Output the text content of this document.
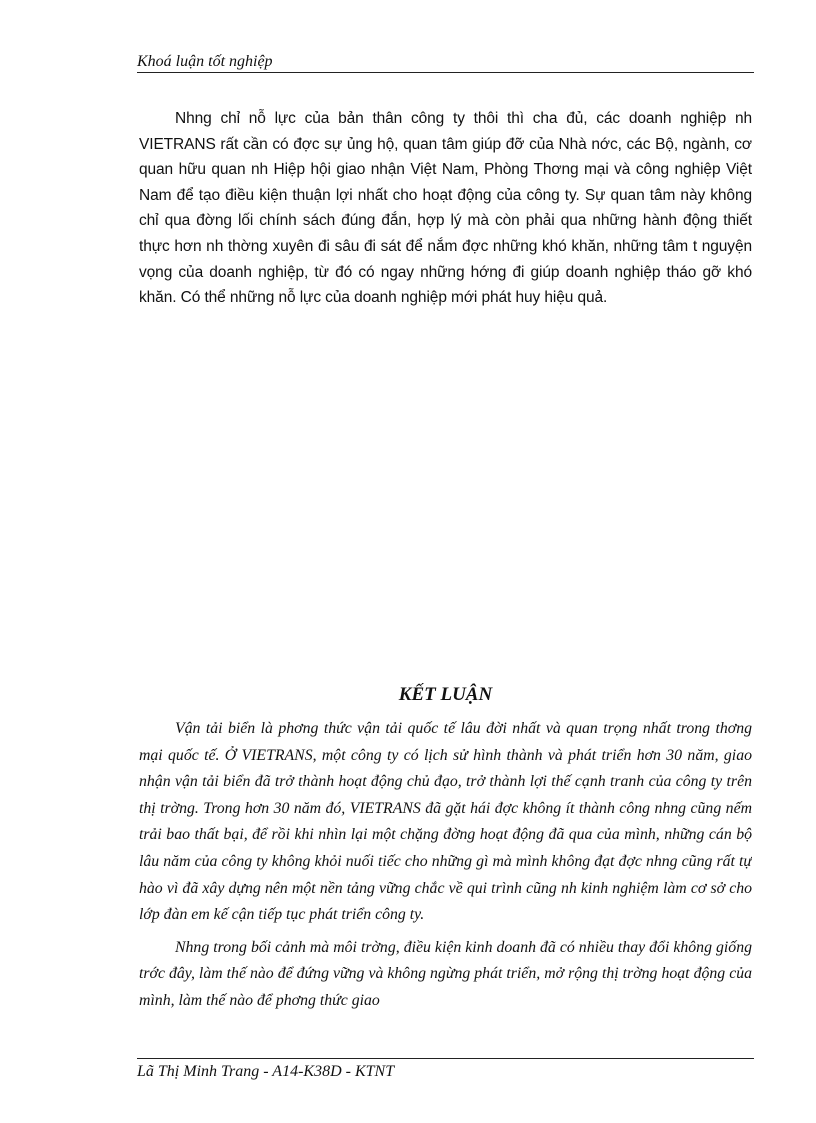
Khoá luận tốt nghiệp

Nhng chỉ nỗ lực của bản thân công ty thôi thì cha đủ, các doanh nghiệp nh VIETRANS rất cần có đợc sự ủng hộ, quan tâm giúp đỡ của Nhà nớc, các Bộ, ngành, cơ quan hữu quan nh Hiệp hội giao nhận Việt Nam, Phòng Thơng mại và công nghiệp Việt Nam để tạo điều kiện thuận lợi nhất cho hoạt động của công ty. Sự quan tâm này không chỉ qua đờng lối chính sách đúng đắn, hợp lý mà còn phải qua những hành động thiết thực hơn nh thờng xuyên đi sâu đi sát để nắm đợc những khó khăn, những tâm t nguyện vọng của doanh nghiệp, từ đó có ngay những hớng đi giúp doanh nghiệp tháo gỡ khó khăn. Có thể những nỗ lực của doanh nghiệp mới phát huy hiệu quả.

KẾT LUẬN

Vận tải biển là phơng thức vận tải quốc tế lâu đời nhất và quan trọng nhất trong thơng mại quốc tế. Ở VIETRANS, một công ty có lịch sử hình thành và phát triển hơn 30 năm, giao nhận vận tải biển đã trở thành hoạt động chủ đạo, trở thành lợi thế cạnh tranh của công ty trên thị trờng. Trong hơn 30 năm đó, VIETRANS đã gặt hái đợc không ít thành công nhng cũng nếm trải bao thất bại, để rồi khi nhìn lại một chặng đờng hoạt động đã qua của mình, những cán bộ lâu năm của công ty không khỏi nuối tiếc cho những gì mà mình không đạt đợc nhng cũng rất tự hào vì đã xây dựng nên một nền tảng vững chắc về qui trình cũng nh kinh nghiệm làm cơ sở cho lớp đàn em kế cận tiếp tục phát triển công ty.

Nhng trong bối cảnh mà môi trờng, điều kiện kinh doanh đã có nhiều thay đổi không giống trớc đây, làm thế nào để đứng vững và không ngừng phát triển, mở rộng thị trờng hoạt động của mình, làm thế nào để phơng thức giao

Lã Thị Minh Trang - A14-K38D - KTNT
